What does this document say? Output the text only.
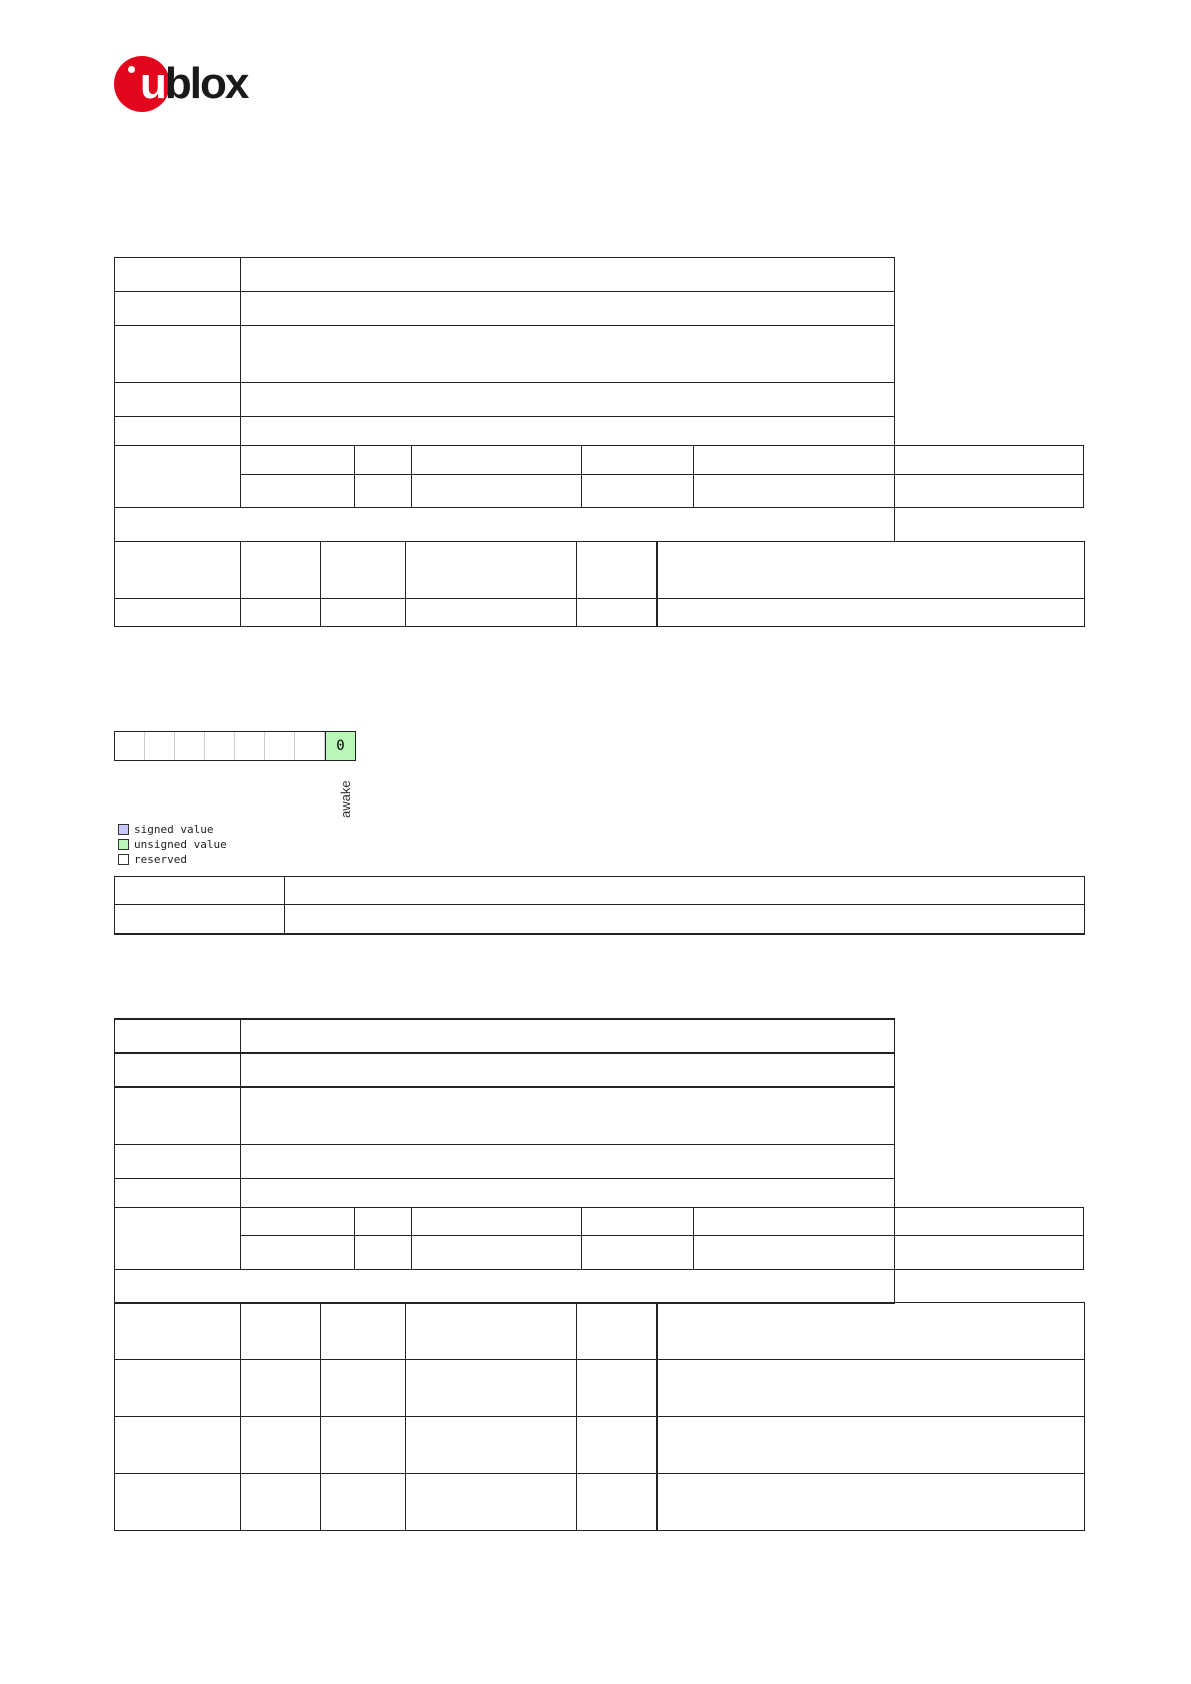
ublox

0
awake
signed value
unsigned value
reserved
